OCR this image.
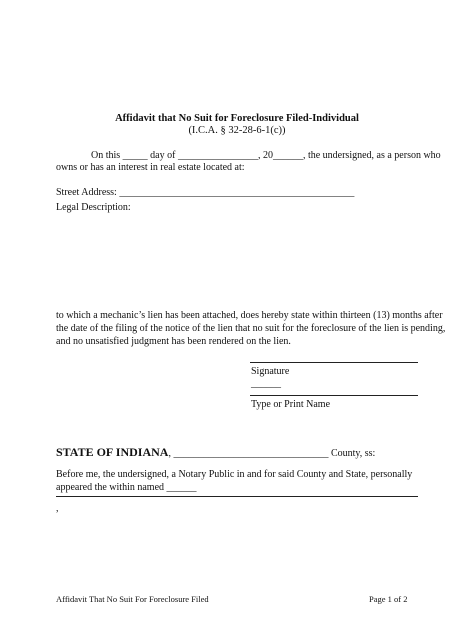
Affidavit that No Suit for Foreclosure Filed-Individual
(I.C.A. § 32-28-6-1(c))
On this _____ day of ________________, 20______, the undersigned, as a person who
owns or has an interest in real estate located at:
Street Address: _______________________________________________
Legal Description:
to which a mechanic’s lien has been attached, does hereby state within thirteen (13) months after
the date of the filing of the notice of the lien that no suit for the foreclosure of the lien is pending,
and no unsatisfied judgment has been rendered on the lien.
Signature
______
Type or Print Name
STATE OF INDIANA, _______________________________ County, ss:
Before me, the undersigned, a Notary Public in and for said County and State, personally
appeared the within named ______
,
Affidavit That No Suit For Foreclosure Filed	Page 1 of 2
